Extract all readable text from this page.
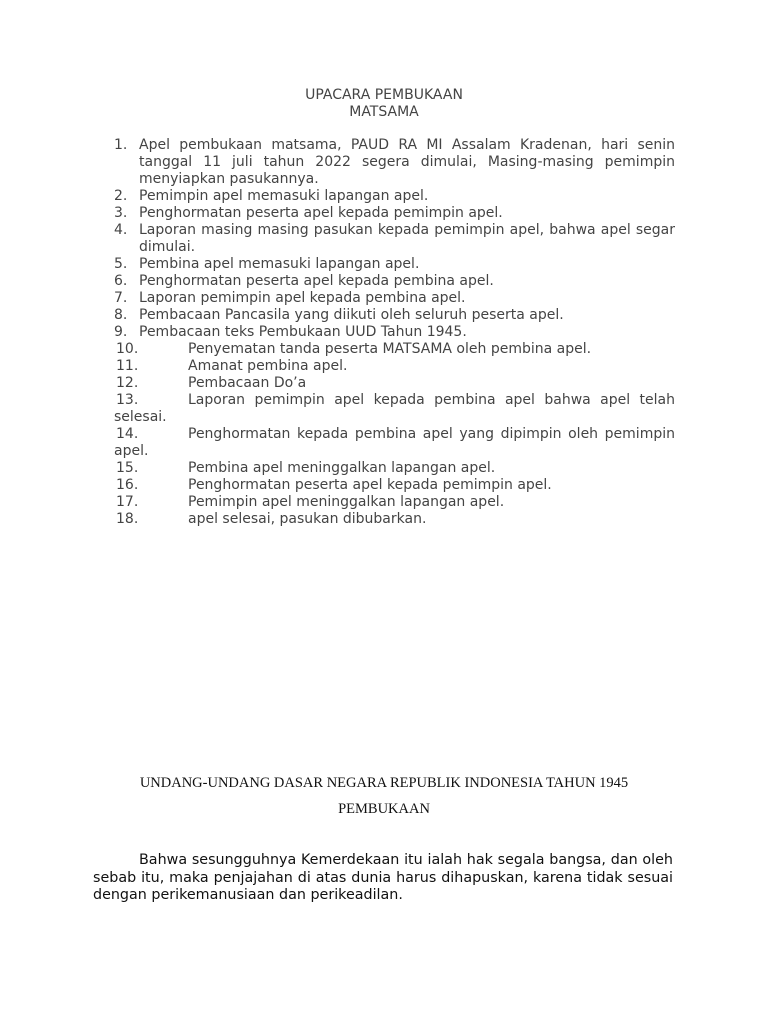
UPACARA PEMBUKAAN
MATSAMA
1. Apel pembukaan matsama, PAUD RA MI Assalam Kradenan, hari senin tanggal 11 juli tahun 2022 segera dimulai, Masing-masing pemimpin menyiapkan pasukannya.
2. Pemimpin apel memasuki lapangan apel.
3. Penghormatan peserta apel kepada pemimpin apel.
4. Laporan masing masing pasukan kepada pemimpin apel, bahwa apel segar dimulai.
5. Pembina apel memasuki lapangan apel.
6. Penghormatan peserta apel kepada pembina apel.
7. Laporan pemimpin apel kepada pembina apel.
8. Pembacaan Pancasila yang diikuti oleh seluruh peserta apel.
9. Pembacaan teks Pembukaan UUD Tahun 1945.
10.	Penyematan tanda peserta MATSAMA oleh pembina apel.
11.	Amanat pembina apel.
12.	Pembacaan Do’a
13.	Laporan pemimpin apel kepada pembina apel bahwa apel telah selesai.
14.	Penghormatan kepada pembina apel yang dipimpin oleh pemimpin apel.
15.	Pembina apel meninggalkan lapangan apel.
16.	Penghormatan peserta apel kepada pemimpin apel.
17.	Pemimpin apel meninggalkan lapangan apel.
18.	apel selesai, pasukan dibubarkan.
UNDANG-UNDANG DASAR NEGARA REPUBLIK INDONESIA TAHUN 1945
PEMBUKAAN

Bahwa sesungguhnya Kemerdekaan itu ialah hak segala bangsa, dan oleh sebab itu, maka penjajahan di atas dunia harus dihapuskan, karena tidak sesuai dengan perikemanusiaan dan perikeadilan.
